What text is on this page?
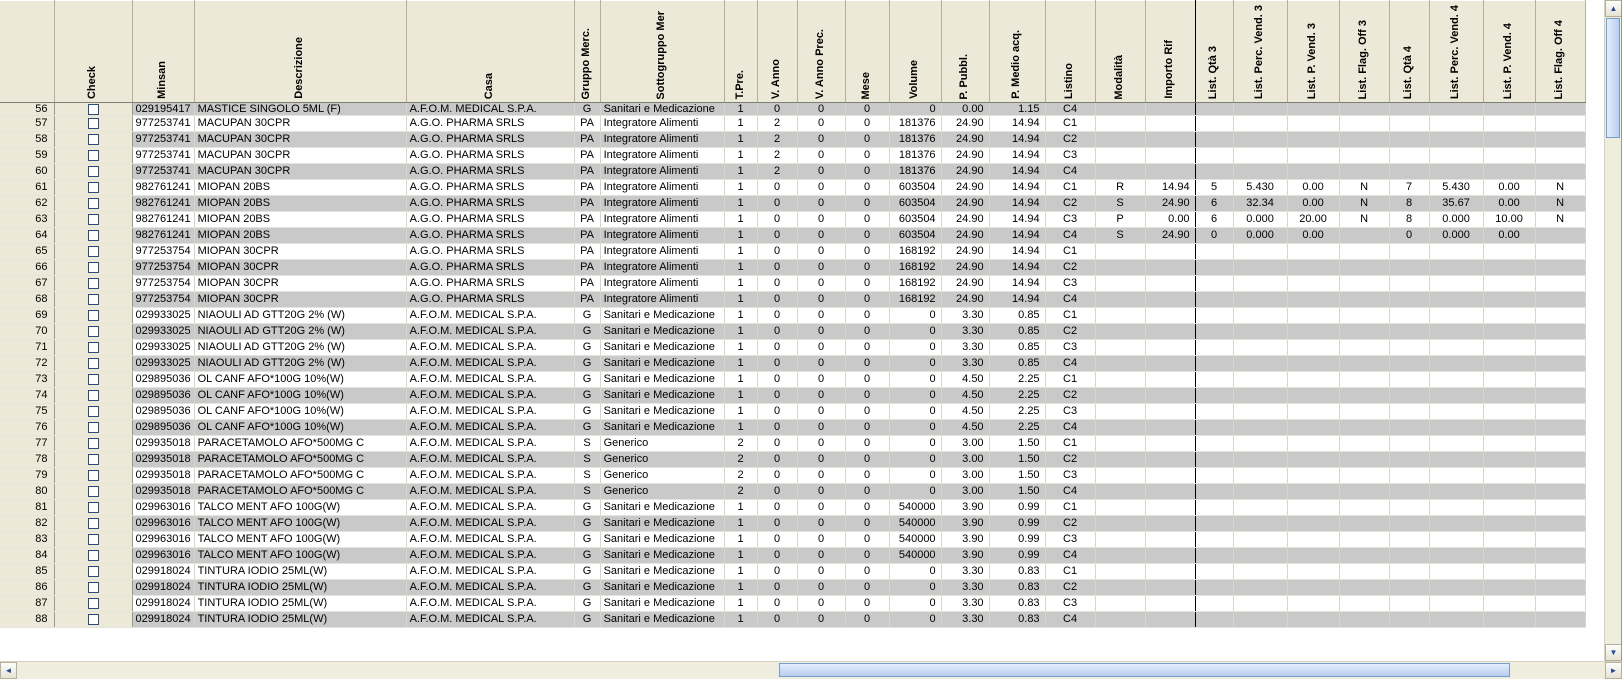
	Check	Minsan	Descrizione	Casa	Gruppo Merc.	Sottogruppo Mer	T.Pre.	V. Anno	V. Anno Prec.	Mese	Volume	P. Pubbl.	P. Medio acq.	Listino	Modalità	Importo Rif	List. Qtà 3	List. Perc. Vend. 3	List. P. Vend. 3	List. Flag. Off 3	List. Qtà 4	List. Perc. Vend. 4	List. P. Vend. 4	List. Flag. Off 4
56		029195417	MASTICE SINGOLO 5ML (F)	A.F.O.M. MEDICAL S.P.A.	G	Sanitari e Medicazione	1	0	0	0	0	0.00	1.15	C4										
57		977253741	MACUPAN 30CPR	A.G.O. PHARMA SRLS	PA	Integratore Alimenti	1	2	0	0	181376	24.90	14.94	C1										
58		977253741	MACUPAN 30CPR	A.G.O. PHARMA SRLS	PA	Integratore Alimenti	1	2	0	0	181376	24.90	14.94	C2										
59		977253741	MACUPAN 30CPR	A.G.O. PHARMA SRLS	PA	Integratore Alimenti	1	2	0	0	181376	24.90	14.94	C3										
60		977253741	MACUPAN 30CPR	A.G.O. PHARMA SRLS	PA	Integratore Alimenti	1	2	0	0	181376	24.90	14.94	C4										
61		982761241	MIOPAN 20BS	A.G.O. PHARMA SRLS	PA	Integratore Alimenti	1	0	0	0	603504	24.90	14.94	C1	R	14.94	5	5.430	0.00	N	7	5.430	0.00	N
62		982761241	MIOPAN 20BS	A.G.O. PHARMA SRLS	PA	Integratore Alimenti	1	0	0	0	603504	24.90	14.94	C2	S	24.90	6	32.34	0.00	N	8	35.67	0.00	N
63		982761241	MIOPAN 20BS	A.G.O. PHARMA SRLS	PA	Integratore Alimenti	1	0	0	0	603504	24.90	14.94	C3	P	0.00	6	0.000	20.00	N	8	0.000	10.00	N
64		982761241	MIOPAN 20BS	A.G.O. PHARMA SRLS	PA	Integratore Alimenti	1	0	0	0	603504	24.90	14.94	C4	S	24.90	0	0.000	0.00		0	0.000	0.00	
65		977253754	MIOPAN 30CPR	A.G.O. PHARMA SRLS	PA	Integratore Alimenti	1	0	0	0	168192	24.90	14.94	C1										
66		977253754	MIOPAN 30CPR	A.G.O. PHARMA SRLS	PA	Integratore Alimenti	1	0	0	0	168192	24.90	14.94	C2										
67		977253754	MIOPAN 30CPR	A.G.O. PHARMA SRLS	PA	Integratore Alimenti	1	0	0	0	168192	24.90	14.94	C3										
68		977253754	MIOPAN 30CPR	A.G.O. PHARMA SRLS	PA	Integratore Alimenti	1	0	0	0	168192	24.90	14.94	C4										
69		029933025	NIAOULI AD GTT20G 2% (W)	A.F.O.M. MEDICAL S.P.A.	G	Sanitari e Medicazione	1	0	0	0	0	3.30	0.85	C1										
70		029933025	NIAOULI AD GTT20G 2% (W)	A.F.O.M. MEDICAL S.P.A.	G	Sanitari e Medicazione	1	0	0	0	0	3.30	0.85	C2										
71		029933025	NIAOULI AD GTT20G 2% (W)	A.F.O.M. MEDICAL S.P.A.	G	Sanitari e Medicazione	1	0	0	0	0	3.30	0.85	C3										
72		029933025	NIAOULI AD GTT20G 2% (W)	A.F.O.M. MEDICAL S.P.A.	G	Sanitari e Medicazione	1	0	0	0	0	3.30	0.85	C4										
73		029895036	OL CANF AFO*100G 10%(W)	A.F.O.M. MEDICAL S.P.A.	G	Sanitari e Medicazione	1	0	0	0	0	4.50	2.25	C1										
74		029895036	OL CANF AFO*100G 10%(W)	A.F.O.M. MEDICAL S.P.A.	G	Sanitari e Medicazione	1	0	0	0	0	4.50	2.25	C2										
75		029895036	OL CANF AFO*100G 10%(W)	A.F.O.M. MEDICAL S.P.A.	G	Sanitari e Medicazione	1	0	0	0	0	4.50	2.25	C3										
76		029895036	OL CANF AFO*100G 10%(W)	A.F.O.M. MEDICAL S.P.A.	G	Sanitari e Medicazione	1	0	0	0	0	4.50	2.25	C4										
77		029935018	PARACETAMOLO AFO*500MG C	A.F.O.M. MEDICAL S.P.A.	S	Generico	2	0	0	0	0	3.00	1.50	C1										
78		029935018	PARACETAMOLO AFO*500MG C	A.F.O.M. MEDICAL S.P.A.	S	Generico	2	0	0	0	0	3.00	1.50	C2										
79		029935018	PARACETAMOLO AFO*500MG C	A.F.O.M. MEDICAL S.P.A.	S	Generico	2	0	0	0	0	3.00	1.50	C3										
80		029935018	PARACETAMOLO AFO*500MG C	A.F.O.M. MEDICAL S.P.A.	S	Generico	2	0	0	0	0	3.00	1.50	C4										
81		029963016	TALCO MENT AFO 100G(W)	A.F.O.M. MEDICAL S.P.A.	G	Sanitari e Medicazione	1	0	0	0	540000	3.90	0.99	C1										
82		029963016	TALCO MENT AFO 100G(W)	A.F.O.M. MEDICAL S.P.A.	G	Sanitari e Medicazione	1	0	0	0	540000	3.90	0.99	C2										
83		029963016	TALCO MENT AFO 100G(W)	A.F.O.M. MEDICAL S.P.A.	G	Sanitari e Medicazione	1	0	0	0	540000	3.90	0.99	C3										
84		029963016	TALCO MENT AFO 100G(W)	A.F.O.M. MEDICAL S.P.A.	G	Sanitari e Medicazione	1	0	0	0	540000	3.90	0.99	C4										
85		029918024	TINTURA IODIO 25ML(W)	A.F.O.M. MEDICAL S.P.A.	G	Sanitari e Medicazione	1	0	0	0	0	3.30	0.83	C1										
86		029918024	TINTURA IODIO 25ML(W)	A.F.O.M. MEDICAL S.P.A.	G	Sanitari e Medicazione	1	0	0	0	0	3.30	0.83	C2										
87		029918024	TINTURA IODIO 25ML(W)	A.F.O.M. MEDICAL S.P.A.	G	Sanitari e Medicazione	1	0	0	0	0	3.30	0.83	C3										
88		029918024	TINTURA IODIO 25ML(W)	A.F.O.M. MEDICAL S.P.A.	G	Sanitari e Medicazione	1	0	0	0	0	3.30	0.83	C4										
▲
▼
◄	►
